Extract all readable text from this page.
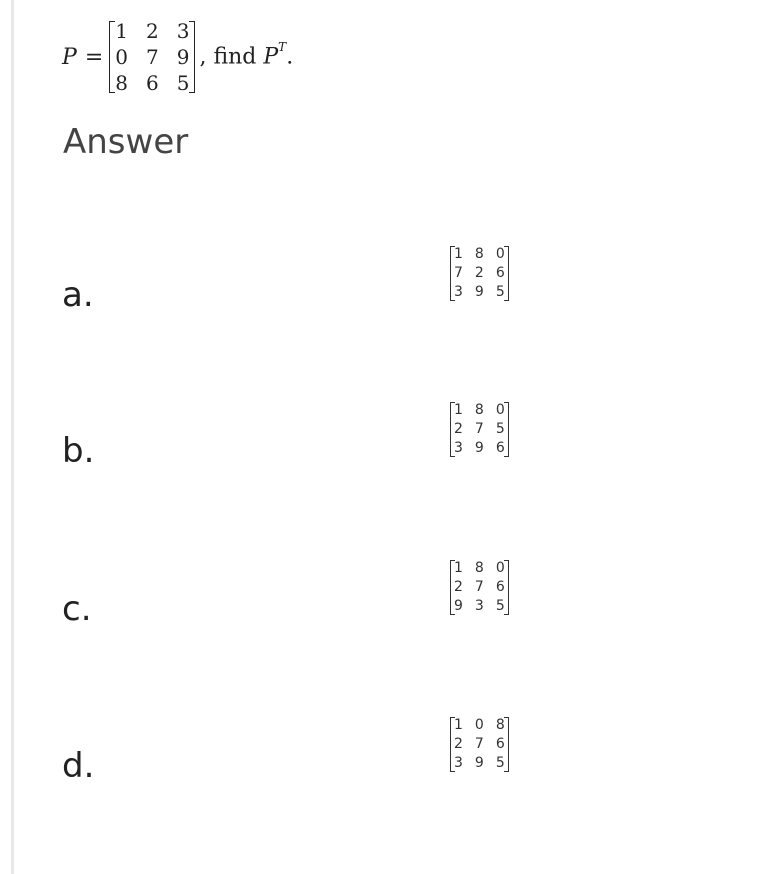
P =
1 2 3
0 7 9
8 6 5
, find $P^T$.
Answer
a.
1 8 0
7 2 6
3 9 5
b.
1 8 0
2 7 5
3 9 6
c.
1 8 0
2 7 6
9 3 5
d.
1 0 8
2 7 6
3 9 5
